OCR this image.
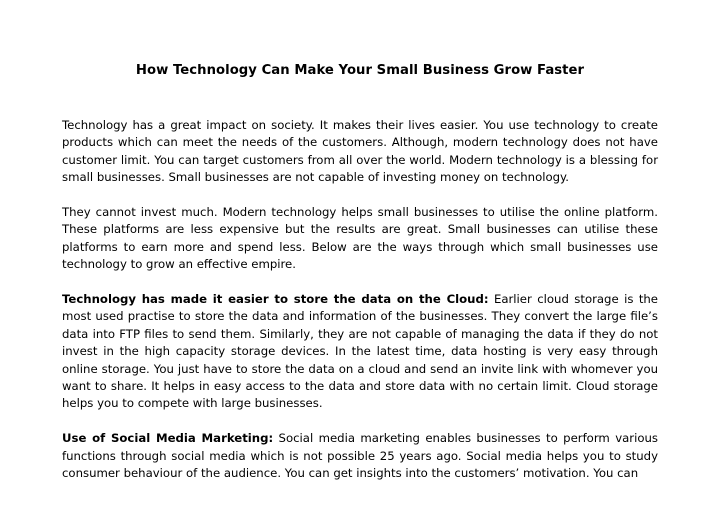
How Technology Can Make Your Small Business Grow Faster

Technology has a great impact on society. It makes their lives easier. You use technology to create products which can meet the needs of the customers. Although, modern technology does not have customer limit. You can target customers from all over the world. Modern technology is a blessing for small businesses. Small businesses are not capable of investing money on technology.

They cannot invest much. Modern technology helps small businesses to utilise the online platform. These platforms are less expensive but the results are great. Small businesses can utilise these platforms to earn more and spend less. Below are the ways through which small businesses use technology to grow an effective empire.

Technology has made it easier to store the data on the Cloud: Earlier cloud storage is the most used practise to store the data and information of the businesses. They convert the large file’s data into FTP files to send them. Similarly, they are not capable of managing the data if they do not invest in the high capacity storage devices. In the latest time, data hosting is very easy through online storage. You just have to store the data on a cloud and send an invite link with whomever you want to share. It helps in easy access to the data and store data with no certain limit. Cloud storage helps you to compete with large businesses.

Use of Social Media Marketing: Social media marketing enables businesses to perform various functions through social media which is not possible 25 years ago. Social media helps you to study consumer behaviour of the audience. You can get insights into the customers’ motivation. You can
